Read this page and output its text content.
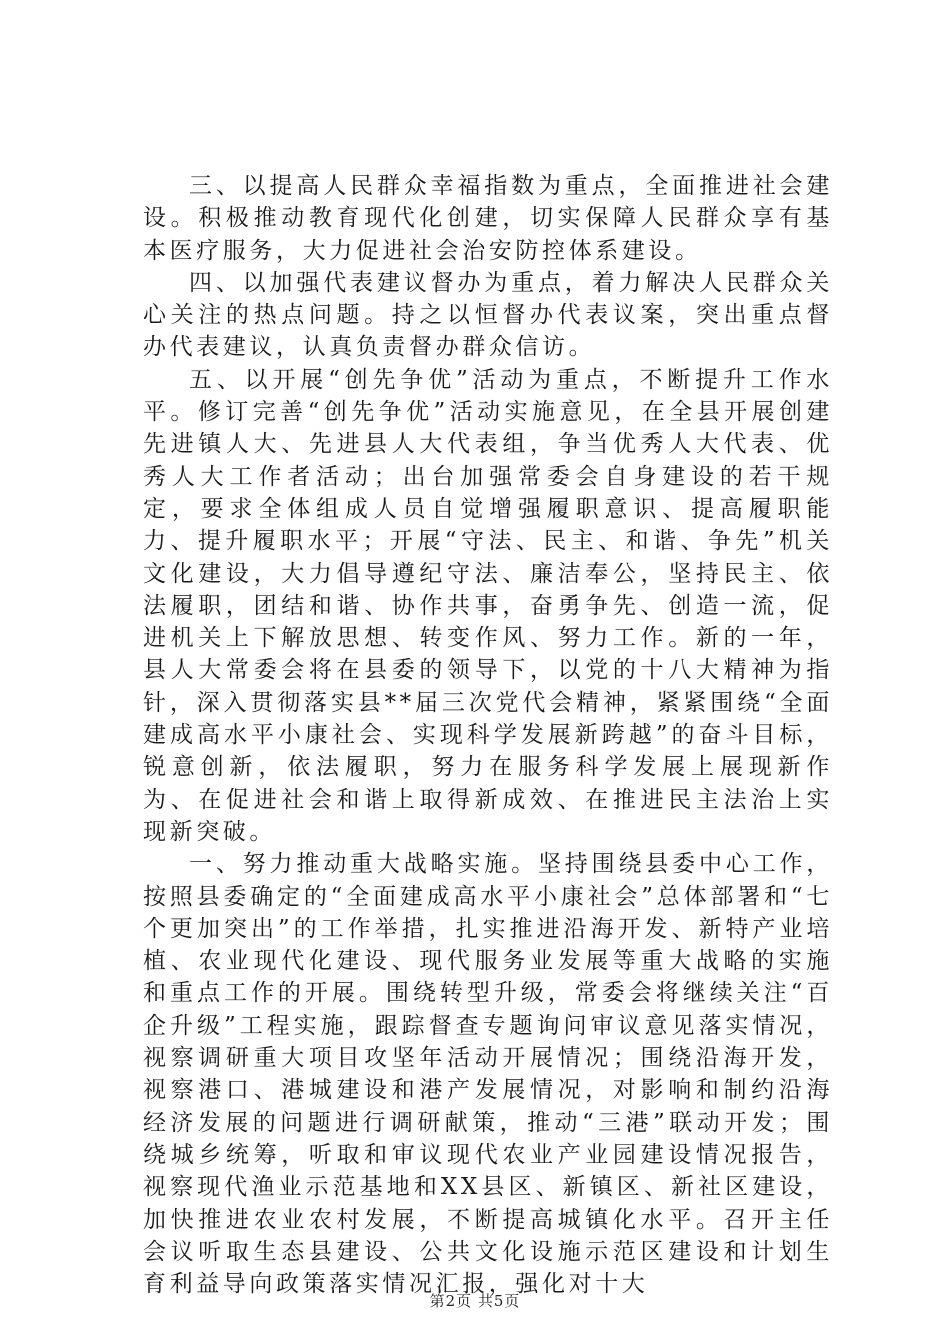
三、以提高人民群众幸福指数为重点，全面推进社会建设。积极推动教育现代化创建，切实保障人民群众享有基本医疗服务，大力促进社会治安防控体系建设。

四、以加强代表建议督办为重点，着力解决人民群众关心关注的热点问题。持之以恒督办代表议案，突出重点督办代表建议，认真负责督办群众信访。

五、以开展“创先争优”活动为重点，不断提升工作水平。修订完善“创先争优”活动实施意见，在全县开展创建先进镇人大、先进县人大代表组，争当优秀人大代表、优秀人大工作者活动；出台加强常委会自身建设的若干规定，要求全体组成人员自觉增强履职意识、提高履职能力、提升履职水平；开展“守法、民主、和谐、争先”机关文化建设，大力倡导遵纪守法、廉洁奉公，坚持民主、依法履职，团结和谐、协作共事，奋勇争先、创造一流，促进机关上下解放思想、转变作风、努力工作。新的一年，县人大常委会将在县委的领导下，以党的十八大精神为指针，深入贯彻落实县**届三次党代会精神，紧紧围绕“全面建成高水平小康社会、实现科学发展新跨越”的奋斗目标，锐意创新，依法履职，努力在服务科学发展上展现新作为、在促进社会和谐上取得新成效、在推进民主法治上实现新突破。

一、努力推动重大战略实施。坚持围绕县委中心工作，按照县委确定的“全面建成高水平小康社会”总体部署和“七个更加突出”的工作举措，扎实推进沿海开发、新特产业培植、农业现代化建设、现代服务业发展等重大战略的实施和重点工作的开展。围绕转型升级，常委会将继续关注“百企升级”工程实施，跟踪督查专题询问审议意见落实情况，视察调研重大项目攻坚年活动开展情况；围绕沿海开发，视察港口、港城建设和港产发展情况，对影响和制约沿海经济发展的问题进行调研献策，推动“三港”联动开发；围绕城乡统筹，听取和审议现代农业产业园建设情况报告，视察现代渔业示范基地和XX县区、新镇区、新社区建设，加快推进农业农村发展，不断提高城镇化水平。召开主任会议听取生态县建设、公共文化设施示范区建设和计划生育利益导向政策落实情况汇报，强化对十大

第2页 共5页
